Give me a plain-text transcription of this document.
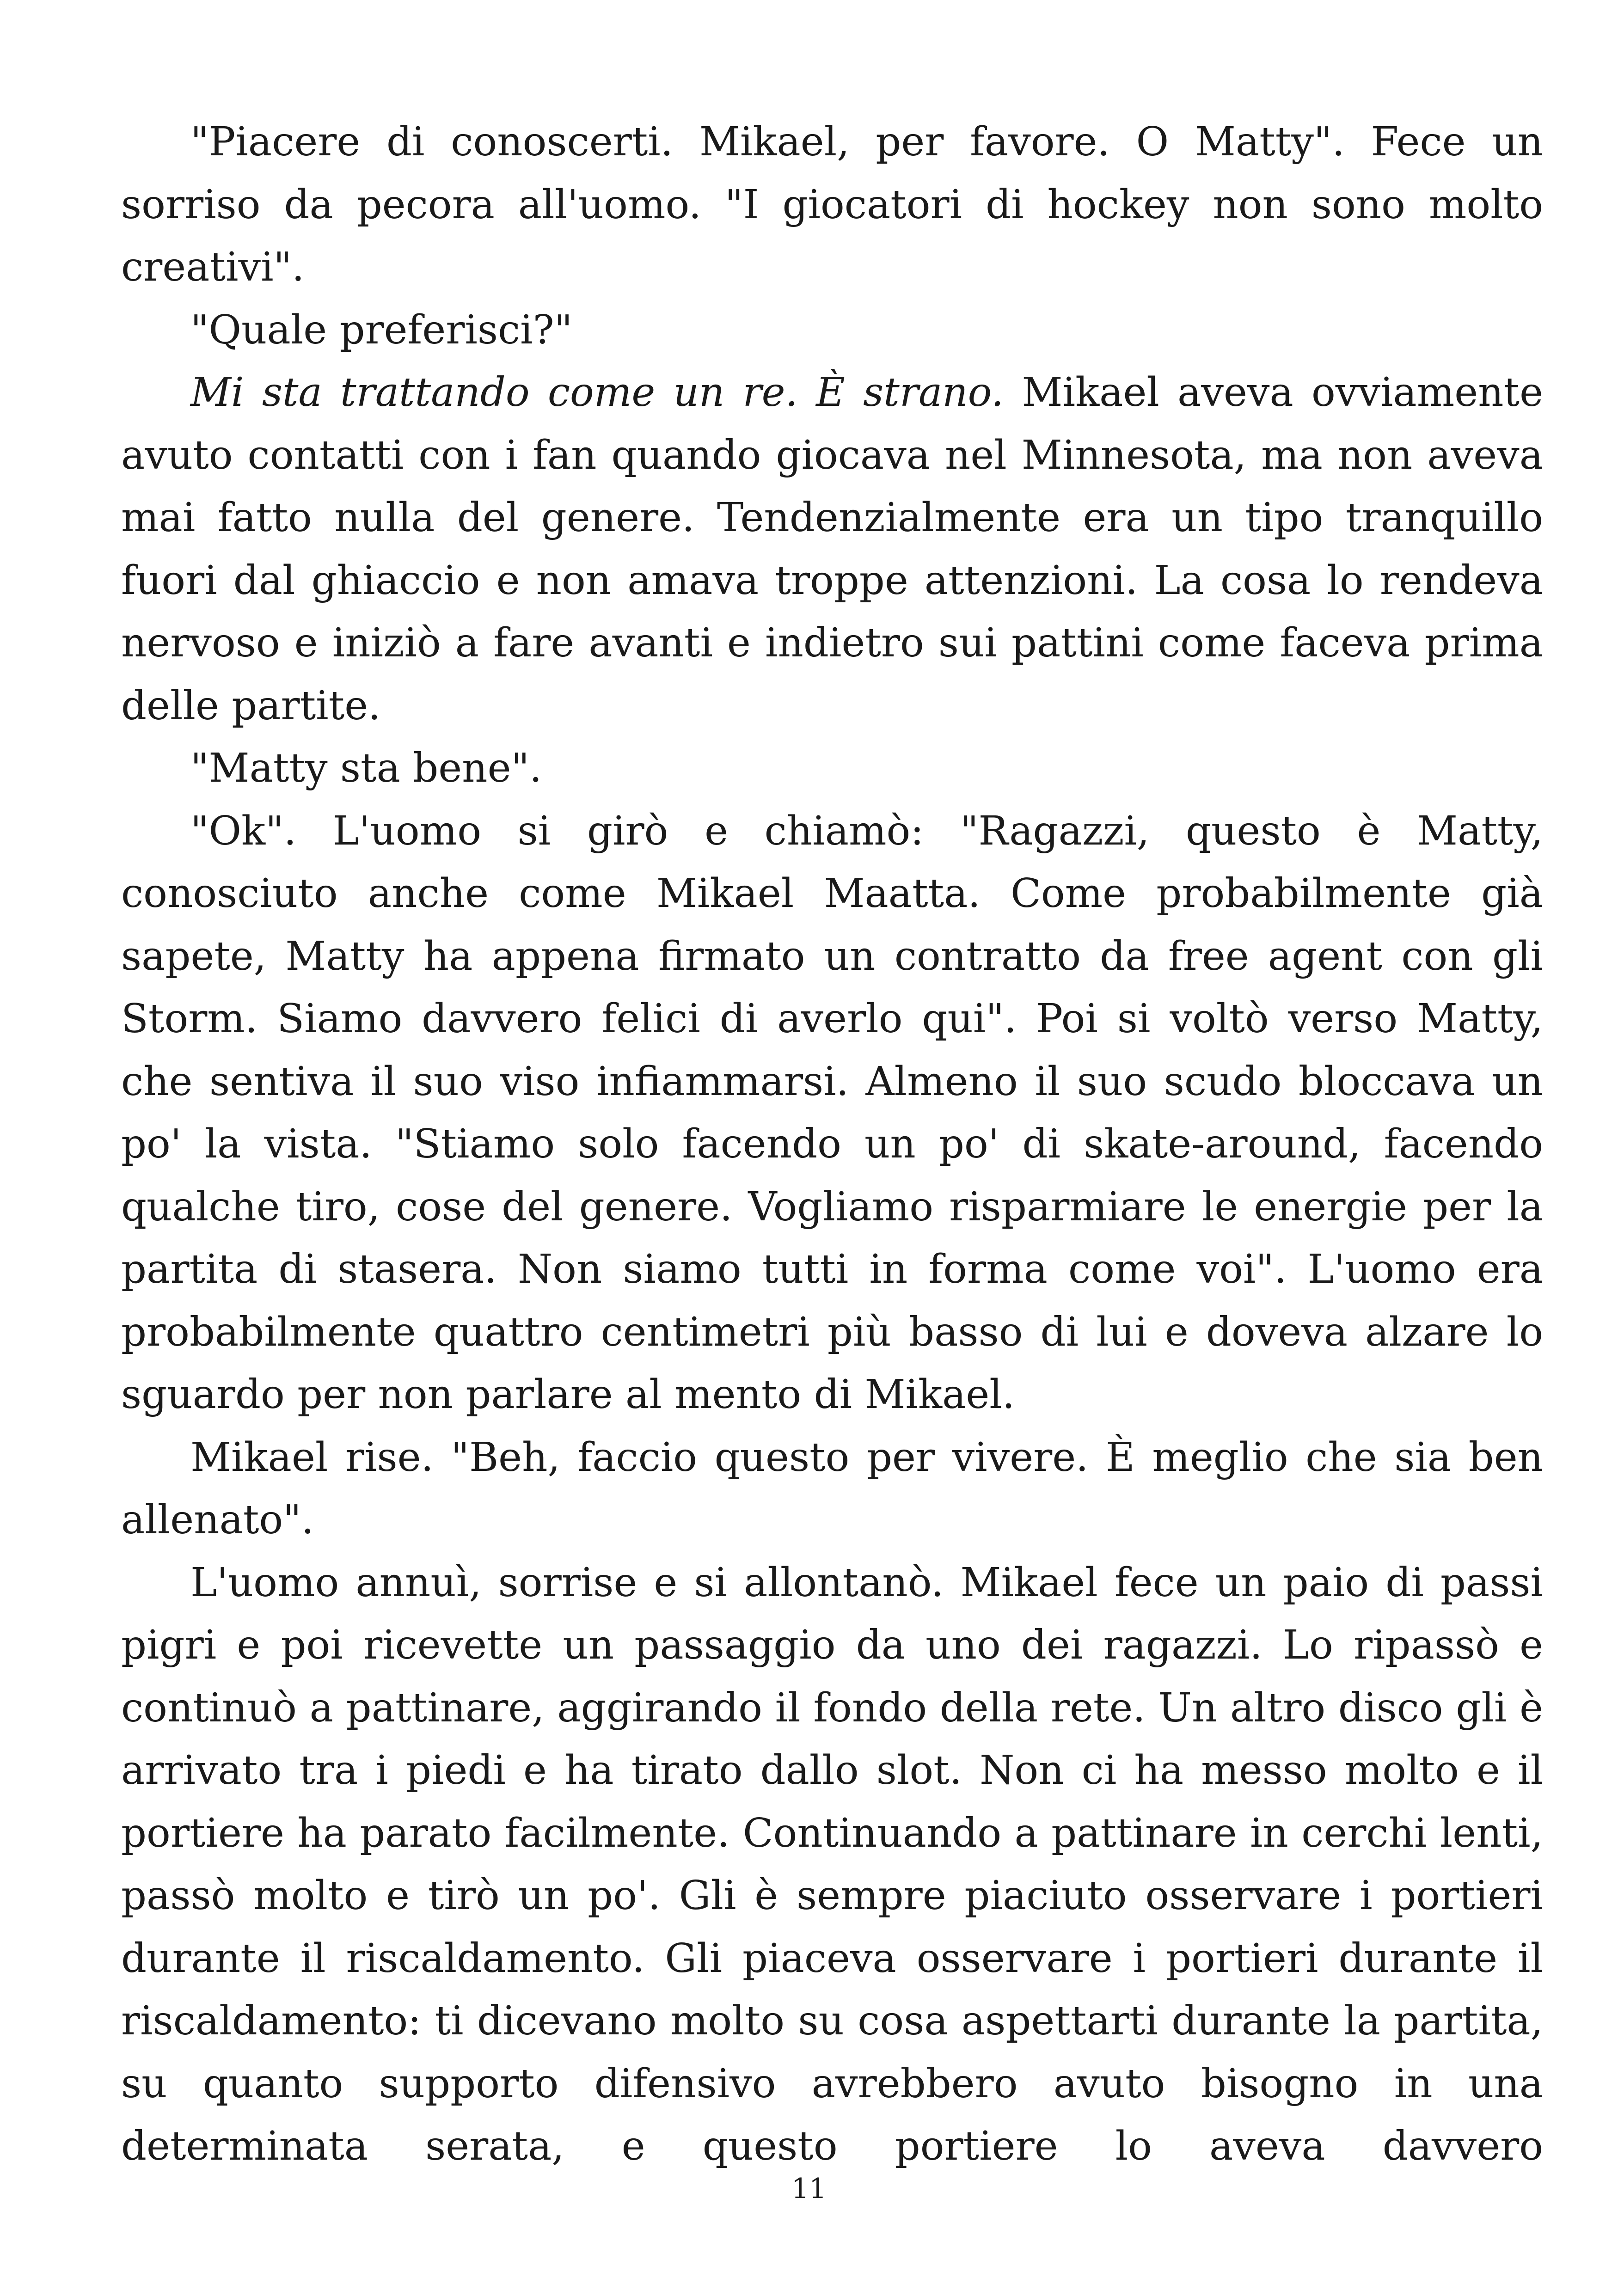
"Piacere di conoscerti. Mikael, per favore. O Matty". Fece un sorriso da pecora all'uomo. "I giocatori di hockey non sono molto creativi".

"Quale preferisci?"

Mi sta trattando come un re. È strano. Mikael aveva ovviamente avuto contatti con i fan quando giocava nel Minnesota, ma non aveva mai fatto nulla del genere. Tendenzialmente era un tipo tranquillo fuori dal ghiaccio e non amava troppe attenzioni. La cosa lo rendeva nervoso e iniziò a fare avanti e indietro sui pattini come faceva prima delle partite.

"Matty sta bene".

"Ok". L'uomo si girò e chiamò: "Ragazzi, questo è Matty, conosciuto anche come Mikael Maatta. Come probabilmente già sapete, Matty ha appena firmato un contratto da free agent con gli Storm. Siamo davvero felici di averlo qui". Poi si voltò verso Matty, che sentiva il suo viso infiammarsi. Almeno il suo scudo bloccava un po' la vista. "Stiamo solo facendo un po' di skate-around, facendo qualche tiro, cose del genere. Vogliamo risparmiare le energie per la partita di stasera. Non siamo tutti in forma come voi". L'uomo era probabilmente quattro centimetri più basso di lui e doveva alzare lo sguardo per non parlare al mento di Mikael.

Mikael rise. "Beh, faccio questo per vivere. È meglio che sia ben allenato".

L'uomo annuì, sorrise e si allontanò. Mikael fece un paio di passi pigri e poi ricevette un passaggio da uno dei ragazzi. Lo ripassò e continuò a pattinare, aggirando il fondo della rete. Un altro disco gli è arrivato tra i piedi e ha tirato dallo slot. Non ci ha messo molto e il portiere ha parato facilmente. Continuando a pattinare in cerchi lenti, passò molto e tirò un po'. Gli è sempre piaciuto osservare i portieri durante il riscaldamento. Gli piaceva osservare i portieri durante il riscaldamento: ti dicevano molto su cosa aspettarti durante la partita, su quanto supporto difensivo avrebbero avuto bisogno in una determinata serata, e questo portiere lo aveva davvero

11
